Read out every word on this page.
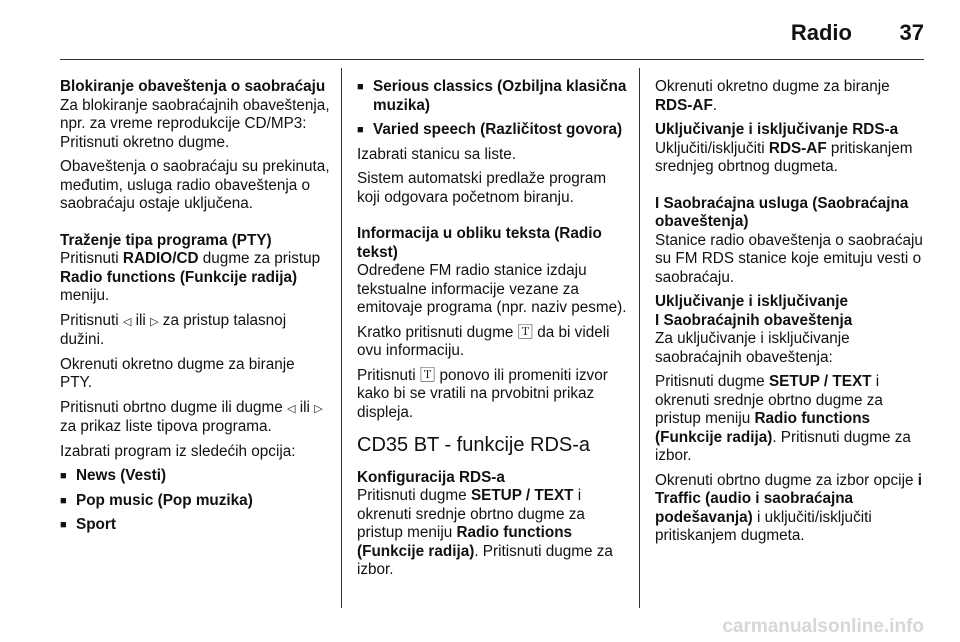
Radio 37
Blokiranje obaveštenja o saobraćaju

Za blokiranje saobraćajnih obaveštenja, npr. za vreme reprodukcije CD/MP3: Pritisnuti okretno dugme.

Obaveštenja o saobraćaju su prekinuta, međutim, usluga radio obaveštenja o saobraćaju ostaje uključena.

Traženje tipa programa (PTY)

Pritisnuti RADIO/CD dugme za pristup Radio functions (Funkcije radija) meniju.

Pritisnuti ◁ ili ▷ za pristup talasnoj dužini.

Okrenuti okretno dugme za biranje PTY.

Pritisnuti obrtno dugme ili dugme ◁ ili ▷ za prikaz liste tipova programa.

Izabrati program iz sledećih opcija:

■ News (Vesti)
■ Pop music (Pop muzika)
■ Sport
■ Serious classics (Ozbiljna klasična muzika)
■ Varied speech (Različitost govora)

Izabrati stanicu sa liste.

Sistem automatski predlaže program koji odgovara početnom biranju.

Informacija u obliku teksta (Radio tekst)

Određene FM radio stanice izdaju tekstualne informacije vezane za emitovaje programa (npr. naziv pesme).

Kratko pritisnuti dugme 🅃 da bi videli ovu informaciju.

Pritisnuti 🅃 ponovo ili promeniti izvor kako bi se vratili na prvobitni prikaz displeja.

CD35 BT - funkcije RDS-a
Konfiguracija RDS-a

Pritisnuti dugme SETUP / TEXT i okrenuti srednje obrtno dugme za pristup meniju Radio functions (Funkcije radija). Pritisnuti dugme za izbor.

Okrenuti okretno dugme za biranje RDS-AF.

Uključivanje i isključivanje RDS-a

Uključiti/isključiti RDS-AF pritiskanjem srednjeg obrtnog dugmeta.

I Saobraćajna usluga (Saobraćajna obaveštenja)

Stanice radio obaveštenja o saobraćaju su FM RDS stanice koje emituju vesti o saobraćaju.

Uključivanje i isključivanje
I Saobraćajnih obaveštenja

Za uključivanje i isključivanje saobraćajnih obaveštenja:

Pritisnuti dugme SETUP / TEXT i okrenuti srednje obrtno dugme za pristup meniju Radio functions (Funkcije radija). Pritisnuti dugme za izbor.

Okrenuti obrtno dugme za izbor opcije i Traffic (audio i saobraćajna podešavanja) i uključiti/isključiti pritiskanjem dugmeta.

carmanualsonline.info
